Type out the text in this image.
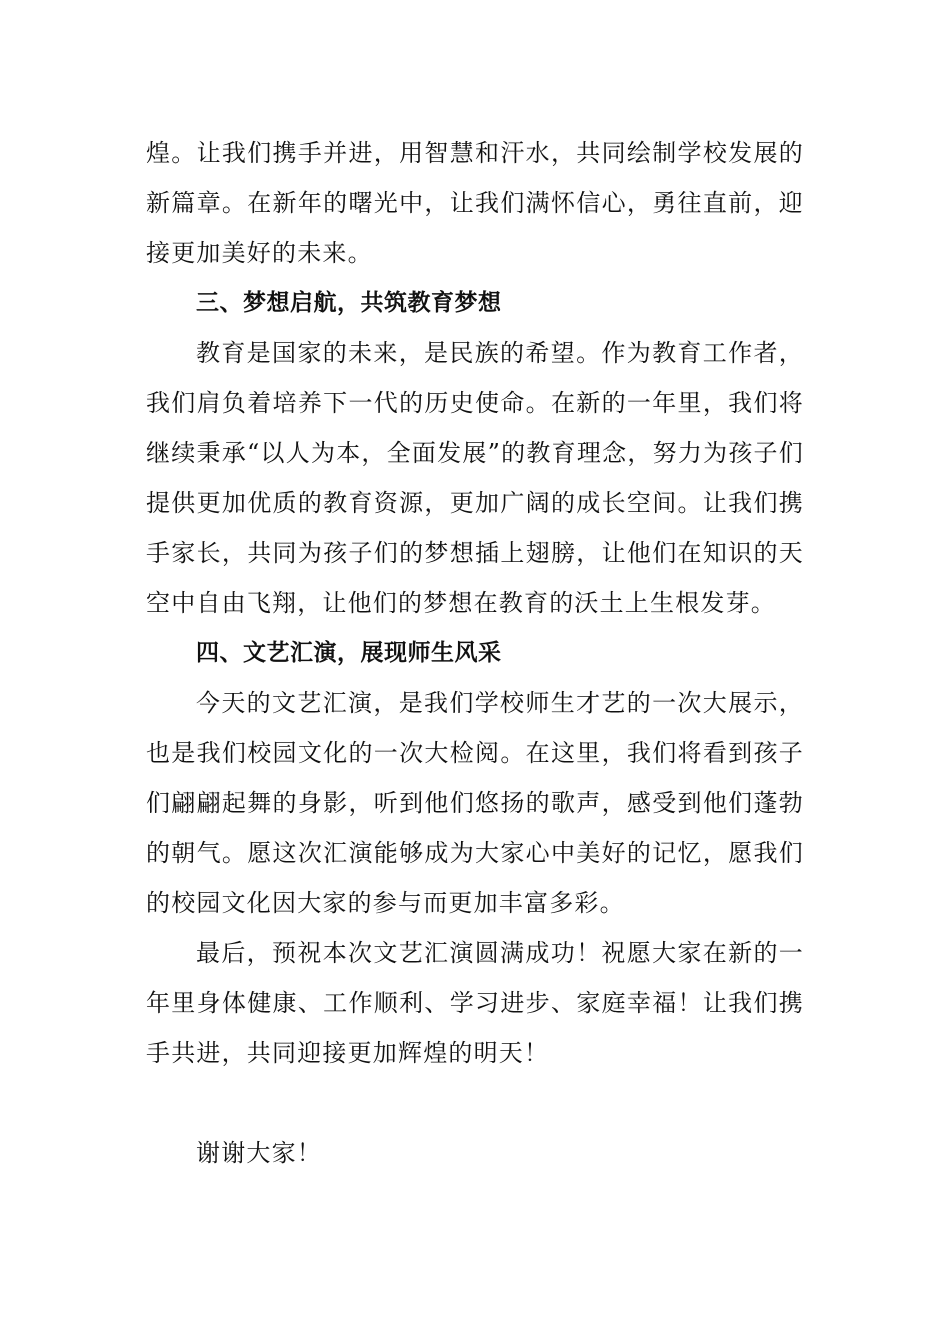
煌。让我们携手并进，用智慧和汗水，共同绘制学校发展的新篇章。在新年的曙光中，让我们满怀信心，勇往直前，迎接更加美好的未来。

三、梦想启航，共筑教育梦想

教育是国家的未来，是民族的希望。作为教育工作者，我们肩负着培养下一代的历史使命。在新的一年里，我们将继续秉承“以人为本，全面发展”的教育理念，努力为孩子们提供更加优质的教育资源，更加广阔的成长空间。让我们携手家长，共同为孩子们的梦想插上翅膀，让他们在知识的天空中自由飞翔，让他们的梦想在教育的沃土上生根发芽。

四、文艺汇演，展现师生风采

今天的文艺汇演，是我们学校师生才艺的一次大展示，也是我们校园文化的一次大检阅。在这里，我们将看到孩子们翩翩起舞的身影，听到他们悠扬的歌声，感受到他们蓬勃的朝气。愿这次汇演能够成为大家心中美好的记忆，愿我们的校园文化因大家的参与而更加丰富多彩。

最后，预祝本次文艺汇演圆满成功！祝愿大家在新的一年里身体健康、工作顺利、学习进步、家庭幸福！让我们携手共进，共同迎接更加辉煌的明天！

谢谢大家！
